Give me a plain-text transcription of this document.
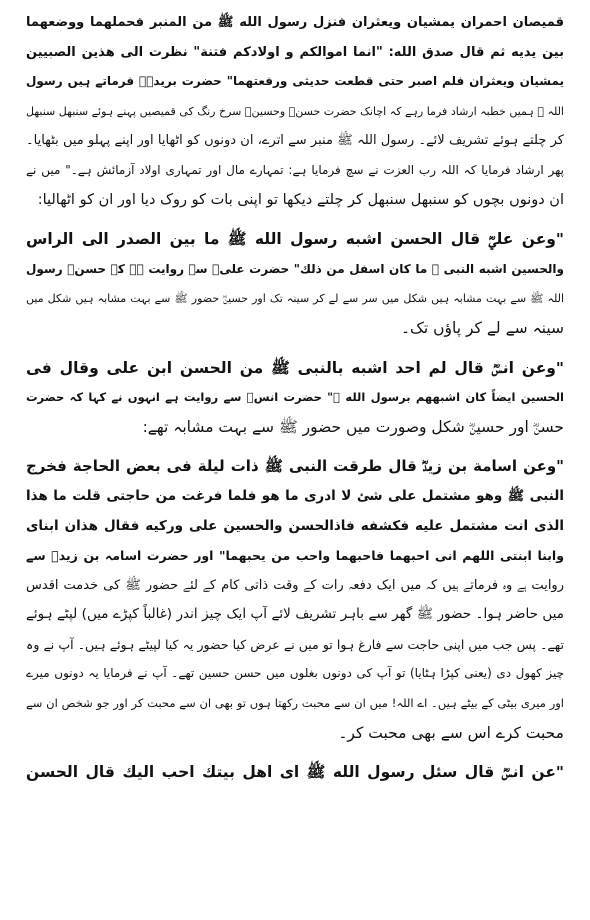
قميصان احمران يمشيان ويعثران فنزل رسول الله ﷺ من المنبر فحملهما ووضعهما
بين يديه ثم قال صدق الله: "انما اموالكم و اولادكم فتنة" نظرت الى هذين الصبيين
يمشيان ويعثران فلم اصبر حتى قطعت حديثى ورفعتهما" حضرت بریدہؓ فرماتے ہیں رسول
اللہ ﷺ ہمیں خطبہ ارشاد فرما رہے کہ اچانک حضرت حسنؓ وحسینؓ سرخ رنگ کی قمیصیں پہنے ہوئے سنبھل سنبھل
کر چلتے ہوئے تشریف لائے۔ رسول اللہ ﷺ منبر سے اترے، ان دونوں کو اٹھایا اور اپنے پہلو میں بٹھایا۔
پھر ارشاد فرمایا کہ اللہ رب العزت نے سچ فرمایا ہے: تمہارے مال اور تمہاری اولاد آزمائش ہے۔" میں نے
ان دونوں بچوں کو سنبھل سنبھل کر چلتے دیکھا تو اپنی بات کو روک دیا اور ان کو اٹھالیا:
"وعن عليؓ قال الحسن اشبه رسول الله ﷺ ما بين الصدر الى الراس
والحسين اشبه النبى ﷺ ما كان اسفل من ذلك" حضرت علیؓ سے روایت ہے کہ حسنؓ رسول
اللہ ﷺ سے بہت مشابہ ہیں شکل میں سر سے لے کر سینہ تک اور حسینؓ حضور ﷺ سے بہت مشابہ ہیں شکل میں
سینہ سے لے کر پاؤں تک۔
"وعن انسؓ قال لم احد اشبه بالنبى ﷺ من الحسن ابن على وقال فى
الحسين ايضاً كان اشبههم برسول الله ﷺ" حضرت انسؓ سے روایت ہے انہوں نے کہا کہ حضرت
حسنؓ اور حسینؓ شکل وصورت میں حضور ﷺ سے بہت مشابہ تھے:
"وعن اسامة بن زيدؓ قال طرقت النبى ﷺ ذات ليلة فى بعض الحاجة فخرج
النبى ﷺ وهو مشتمل على شئ لا ادرى ما هو فلما فرغت من حاجتى قلت ما هذا
الذى انت مشتمل عليه فكشفه فاذالحسن والحسين على وركيه فقال هذان ابناى
وابنا ابنتى اللهم انى احبهما فاحبهما واحب من يحبهما" اور حضرت اسامہ بن زیدؓ سے
روایت ہے وہ فرماتے ہیں کہ میں ایک دفعہ رات کے وقت ذاتی کام کے لئے حضور ﷺ کی خدمت اقدس
میں حاضر ہوا۔ حضور ﷺ گھر سے باہر تشریف لائے آپ ایک چیز اندر (غالباً کپڑے میں) لپٹے ہوئے
تھے۔ پس جب میں اپنی حاجت سے فارغ ہوا تو میں نے عرض کیا حضور یہ کیا لپیٹے ہوئے ہیں۔ آپ نے وہ
چیز کھول دی (یعنی کپڑا ہٹایا) تو آپ کی دونوں بغلوں میں حسن حسین تھے۔ آپ نے فرمایا یہ دونوں میرے
اور میری بیٹی کے بیٹے ہیں۔ اے اللہ! میں ان سے محبت رکھتا ہوں تو بھی ان سے محبت کر اور جو شخص ان سے
محبت کرے اس سے بھی محبت کر۔
"عن انسؓ قال سئل رسول الله ﷺ اى اهل بيتك احب اليك قال الحسن
